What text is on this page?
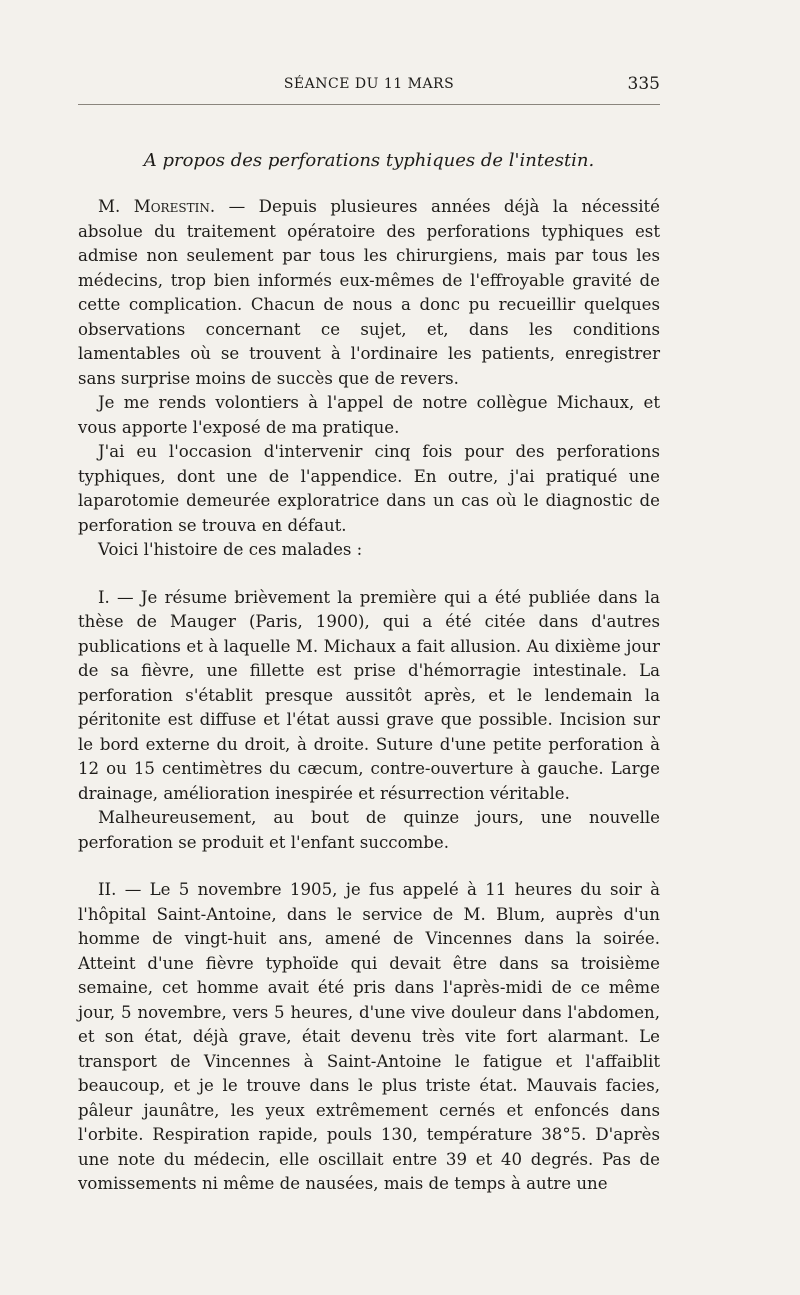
SÉANCE DU 11 MARS	335
A propos des perforations typhiques de l'intestin.

M. Morestin. — Depuis plusieures années déjà la nécessité absolue du traitement opératoire des perforations typhiques est admise non seulement par tous les chirurgiens, mais par tous les médecins, trop bien informés eux-mêmes de l'effroyable gravité de cette complication. Chacun de nous a donc pu recueillir quelques observations concernant ce sujet, et, dans les conditions lamentables où se trouvent à l'ordinaire les patients, enregistrer sans surprise moins de succès que de revers.

Je me rends volontiers à l'appel de notre collègue Michaux, et vous apporte l'exposé de ma pratique.

J'ai eu l'occasion d'intervenir cinq fois pour des perforations typhiques, dont une de l'appendice. En outre, j'ai pratiqué une laparotomie demeurée exploratrice dans un cas où le diagnostic de perforation se trouva en défaut.

Voici l'histoire de ces malades :

I. — Je résume brièvement la première qui a été publiée dans la thèse de Mauger (Paris, 1900), qui a été citée dans d'autres publications et à laquelle M. Michaux a fait allusion. Au dixième jour de sa fièvre, une fillette est prise d'hémorragie intestinale. La perforation s'établit presque aussitôt après, et le lendemain la péritonite est diffuse et l'état aussi grave que possible. Incision sur le bord externe du droit, à droite. Suture d'une petite perforation à 12 ou 15 centimètres du cæcum, contre-ouverture à gauche. Large drainage, amélioration inespirée et résurrection véritable.

Malheureusement, au bout de quinze jours, une nouvelle perforation se produit et l'enfant succombe.

II. — Le 5 novembre 1905, je fus appelé à 11 heures du soir à l'hôpital Saint-Antoine, dans le service de M. Blum, auprès d'un homme de vingt-huit ans, amené de Vincennes dans la soirée. Atteint d'une fièvre typhoïde qui devait être dans sa troisième semaine, cet homme avait été pris dans l'après-midi de ce même jour, 5 novembre, vers 5 heures, d'une vive douleur dans l'abdomen, et son état, déjà grave, était devenu très vite fort alarmant. Le transport de Vincennes à Saint-Antoine le fatigue et l'affaiblit beaucoup, et je le trouve dans le plus triste état. Mauvais facies, pâleur jaunâtre, les yeux extrêmement cernés et enfoncés dans l'orbite. Respiration rapide, pouls 130, température 38°5. D'après une note du médecin, elle oscillait entre 39 et 40 degrés. Pas de vomissements ni même de nausées, mais de temps à autre une
